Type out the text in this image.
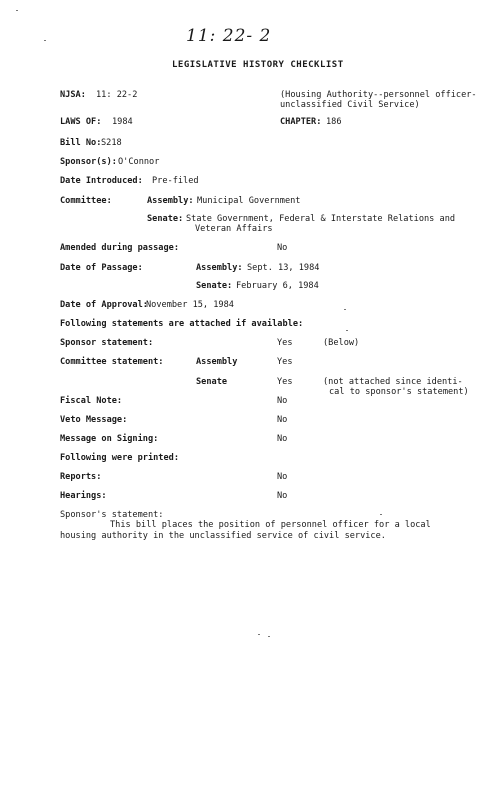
11: 22- 2
LEGISLATIVE HISTORY CHECKLIST
NJSA: 11: 22-2	(Housing Authority--personnel officer-
unclassified Civil Service)
LAWS OF: 1984	CHAPTER: 186
Bill No: S218
Sponsor(s): O'Connor
Date Introduced: Pre-filed
Committee:	Assembly: Municipal Government
Senate: State Government, Federal & Interstate Relations and
Veteran Affairs
Amended during passage:	No
Date of Passage:	Assembly: Sept. 13, 1984
Senate: February 6, 1984
Date of Approval:
November 15, 1984
Following statements are attached if available:
Sponsor statement:	Yes	(Below)
Committee statement:	Assembly	Yes
Senate	Yes	(not attached since identi-
cal to sponsor's statement)
Fiscal Note:	No
Veto Message:	No
Message on Signing:	No
Following were printed:
Reports:	No
Hearings:	No
Sponsor's statement:
This bill places the position of personnel officer for a local housing authority in the unclassified service of civil service.
